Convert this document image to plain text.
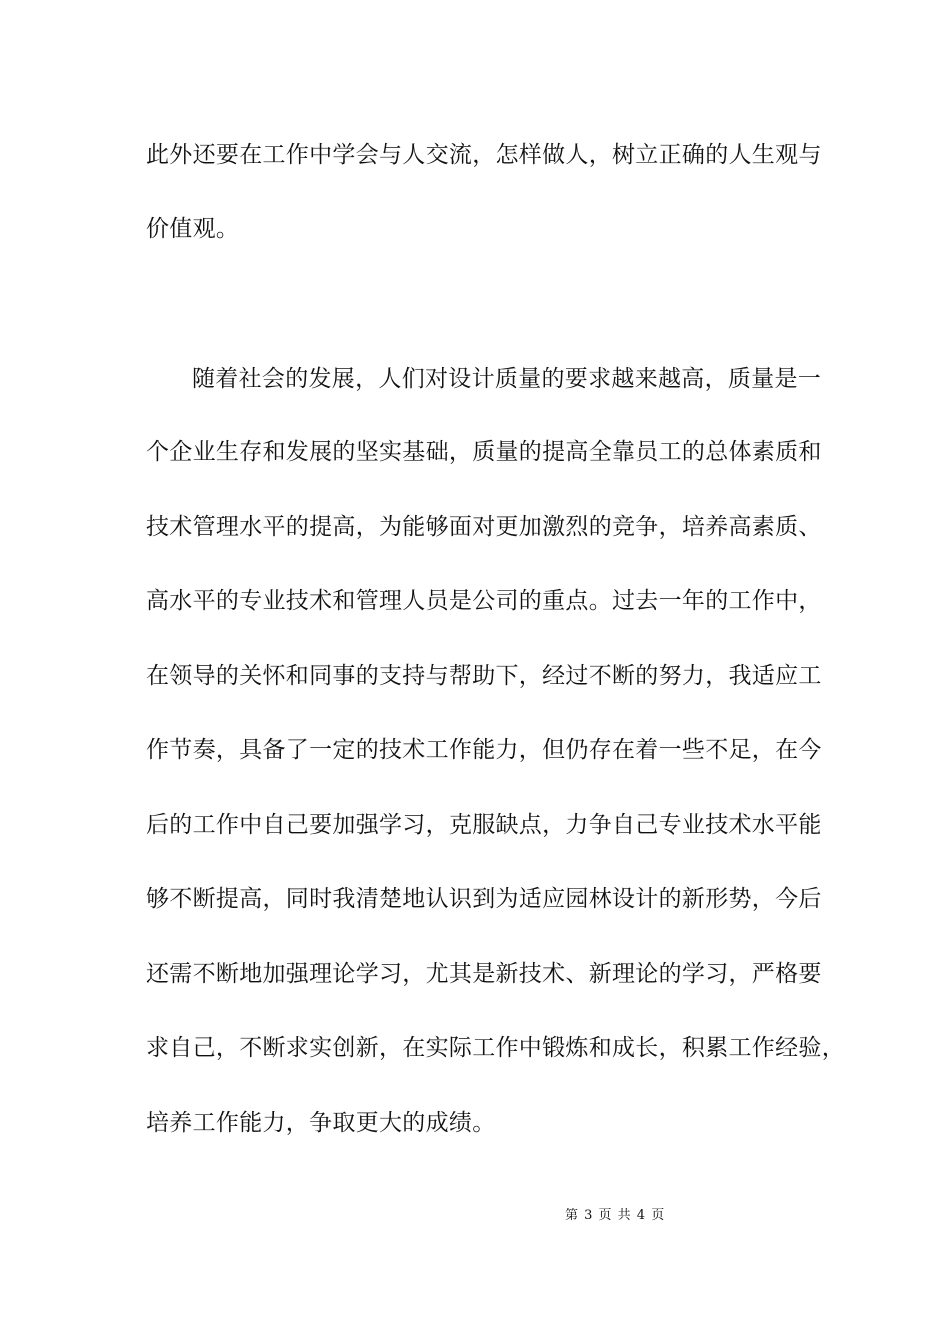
此外还要在工作中学会与人交流，怎样做人，树立正确的人生观与
价值观。
随着社会的发展，人们对设计质量的要求越来越高，质量是一
个企业生存和发展的坚实基础，质量的提高全靠员工的总体素质和
技术管理水平的提高，为能够面对更加激烈的竞争，培养高素质、
高水平的专业技术和管理人员是公司的重点。过去一年的工作中，
在领导的关怀和同事的支持与帮助下，经过不断的努力，我适应工
作节奏，具备了一定的技术工作能力，但仍存在着一些不足，在今
后的工作中自己要加强学习，克服缺点，力争自己专业技术水平能
够不断提高，同时我清楚地认识到为适应园林设计的新形势，今后
还需不断地加强理论学习，尤其是新技术、新理论的学习，严格要
求自己，不断求实创新，在实际工作中锻炼和成长，积累工作经验，
培养工作能力，争取更大的成绩。
第 3 页 共 4 页
